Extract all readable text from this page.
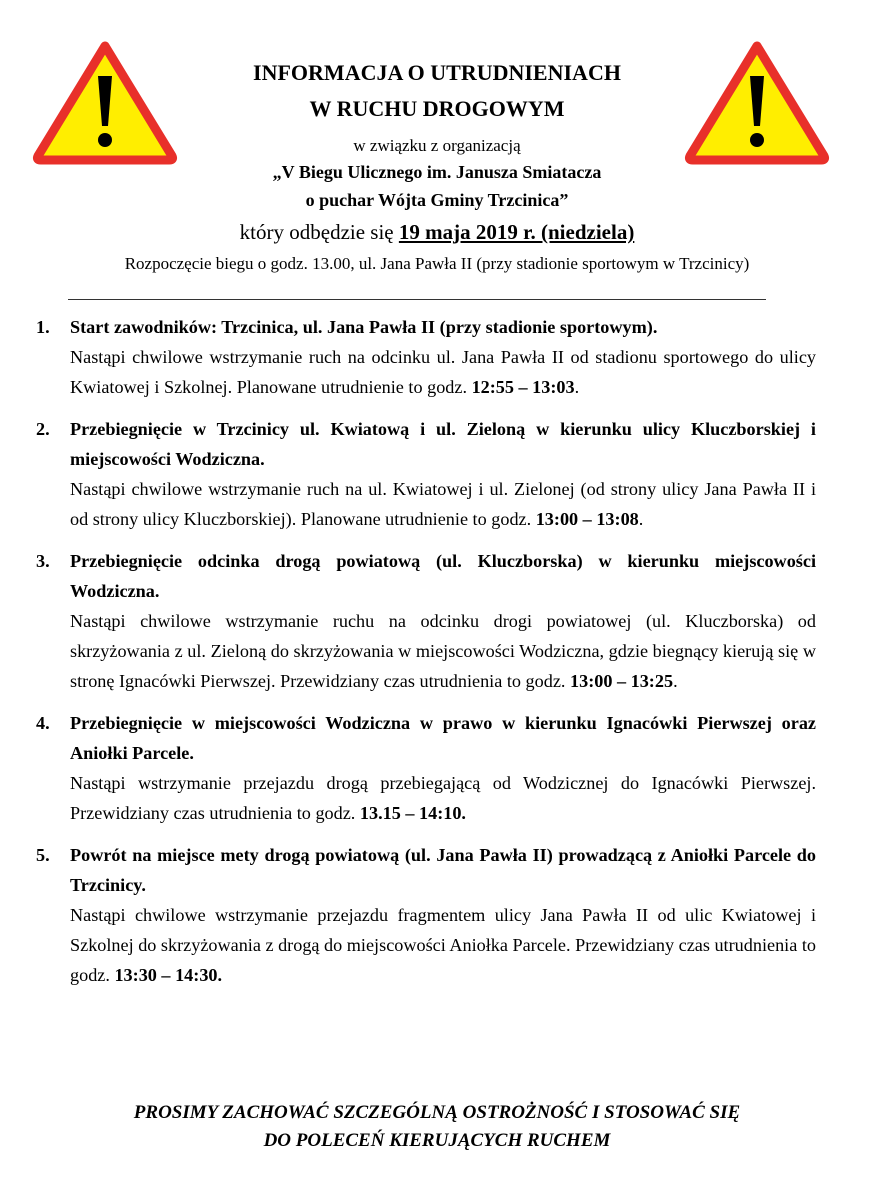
INFORMACJA O UTRUDNIENIACH
W RUCHU DROGOWYM
w związku z organizacją
„V Biegu Ulicznego im. Janusza Smiatacza
o puchar Wójta Gminy Trzcinica”
który odbędzie się 19 maja 2019 r. (niedziela)
Rozpoczęcie biegu o godz. 13.00, ul. Jana Pawła II (przy stadionie sportowym w Trzcinicy)
1. Start zawodników: Trzcinica, ul. Jana Pawła II (przy stadionie sportowym).
Nastąpi chwilowe wstrzymanie ruch na odcinku ul. Jana Pawła II od stadionu sportowego do ulicy Kwiatowej i Szkolnej. Planowane utrudnienie to godz. 12:55 – 13:03.
2. Przebiegnięcie w Trzcinicy ul. Kwiatową i ul. Zieloną w kierunku ulicy Kluczborskiej i miejscowości Wodziczna.
Nastąpi chwilowe wstrzymanie ruch na ul. Kwiatowej i ul. Zielonej (od strony ulicy Jana Pawła II i od strony ulicy Kluczborskiej). Planowane utrudnienie to godz. 13:00 – 13:08.
3. Przebiegnięcie odcinka drogą powiatową (ul. Kluczborska) w kierunku miejscowości Wodziczna.
Nastąpi chwilowe wstrzymanie ruchu na odcinku drogi powiatowej (ul. Kluczborska) od skrzyżowania z ul. Zieloną do skrzyżowania w miejscowości Wodziczna, gdzie biegnący kierują się w stronę Ignacówki Pierwszej. Przewidziany czas utrudnienia to godz. 13:00 – 13:25.
4. Przebiegnięcie w miejscowości Wodziczna w prawo w kierunku Ignacówki Pierwszej oraz Aniołki Parcele.
Nastąpi wstrzymanie przejazdu drogą przebiegającą od Wodzicznej do Ignacówki Pierwszej. Przewidziany czas utrudnienia to godz. 13.15 – 14:10.
5. Powrót na miejsce mety drogą powiatową (ul. Jana Pawła II) prowadzącą z Aniołki Parcele do Trzcinicy.
Nastąpi chwilowe wstrzymanie przejazdu fragmentem ulicy Jana Pawła II od ulic Kwiatowej i Szkolnej do skrzyżowania z drogą do miejscowości Aniołka Parcele. Przewidziany czas utrudnienia to godz. 13:30 – 14:30.
PROSIMY ZACHOWAĆ SZCZEGÓLNĄ OSTROŻNOŚĆ I STOSOWAĆ SIĘ
DO POLECEŃ KIERUJĄCYCH RUCHEM
